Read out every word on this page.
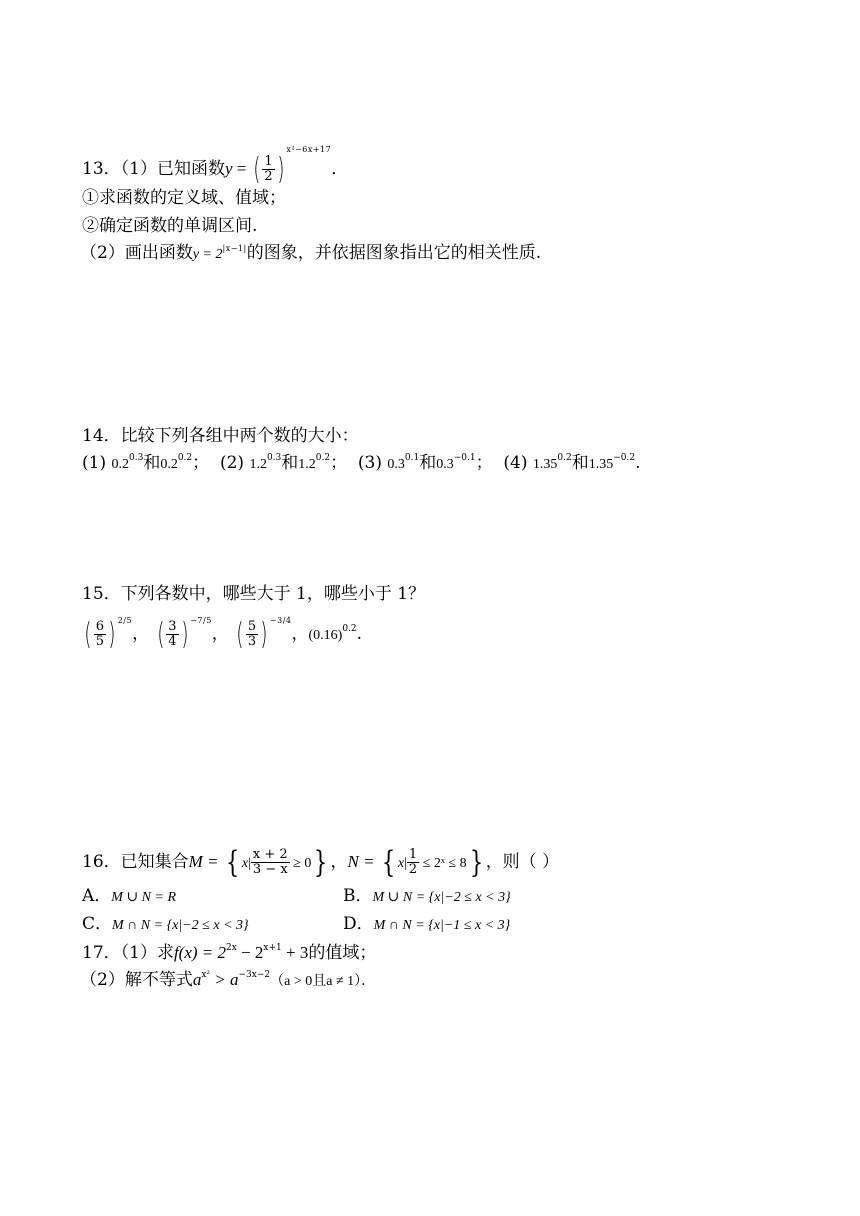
13．（1）已知函数y = ( $\frac{1}{2} )^{x^2-6x+17}$．
①求函数的定义域、值域；
②确定函数的单调区间.
（2）画出函数$y = 2^{|x-1|}$的图象，并依据图象指出它的相关性质.
14．比较下列各组中两个数的大小：
(1) $0.2^{0.3}$和$0.2^{0.2}$； (2) $1.2^{0.3}$和$1.2^{0.2}$； (3) $0.3^{0.1}$和$0.3^{-0.1}$； (4) $1.35^{0.2}$和$1.35^{-0.2}$.
15．下列各数中，哪些大于 1，哪些小于 1？
( $\frac{6}{5}$ ) $^{2/5}$， ( $\frac{3}{4}$ ) $^{-7/5}$， ( $\frac{5}{3}$ ) $^{-3/4}$，$(0.16)^{0.2}$.
16．已知集合M = { $x| \frac{x + 2}{3 - x} \ge 0$} ，N = { $x| \frac{1}{2}$ ≤ 2ˣ ≤ 8} ，则（ ）
A．M ∪ N = R	B．M ∪ N = {x|−2 ≤ x < 3}
C．M ∩ N = {x|−2 ≤ x < 3}	D．M ∩ N = {x|−1 ≤ x < 3}
17．（1）求$f(x) = 2^{2x} - 2^{x+1} + 3$的值域；
（2）解不等式$a^{x^2} > a^{-3x-2}(a > 0$且a ≠ 1）．
